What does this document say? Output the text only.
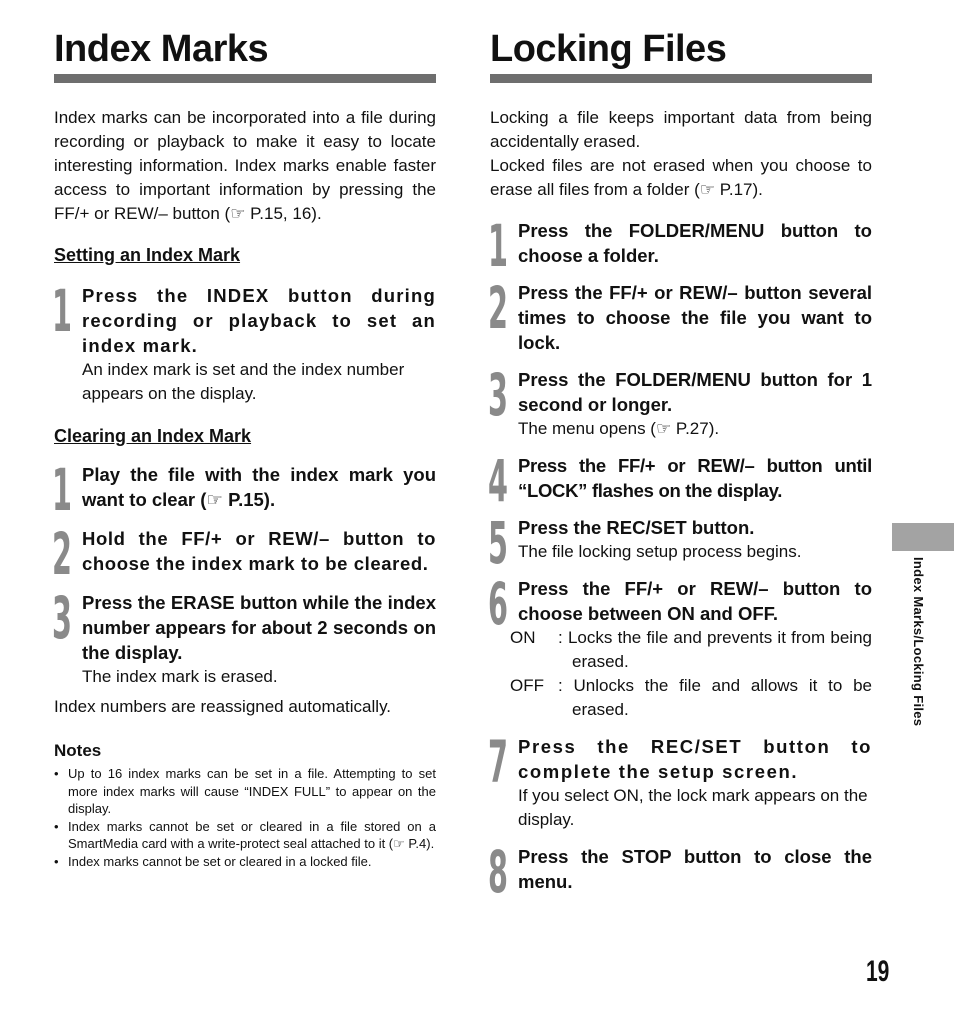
Index Marks

Index marks can be incorporated into a file during recording or playback to make it easy to locate interesting information. Index marks enable faster access to important information by pressing the FF/+ or REW/– button (☞ P.15, 16).

Setting an Index Mark
1 Press the INDEX button during recording or playback to set an index mark.

An index mark is set and the index number appears on the display.

Clearing an Index Mark
1 Play the file with the index mark you want to clear (☞ P.15).

2 Hold the FF/+ or REW/– button to choose the index mark to be cleared.

3 Press the ERASE button while the index number appears for about 2 seconds on the display.

The index mark is erased.

Index numbers are reassigned automatically.

Notes
• Up to 16 index marks can be set in a file. Attempting to set more index marks will cause “INDEX FULL” to appear on the display.
• Index marks cannot be set or cleared in a file stored on a SmartMedia card with a write-protect seal attached to it (☞ P.4).
• Index marks cannot be set or cleared in a locked file.
Locking Files

Locking a file keeps important data from being accidentally erased.

Locked files are not erased when you choose to erase all files from a folder (☞ P.17).

1 Press the FOLDER/MENU button to choose a folder.

2 Press the FF/+ or REW/– button several times to choose the file you want to lock.

3 Press the FOLDER/MENU button for 1 second or longer.

The menu opens (☞ P.27).

4 Press the FF/+ or REW/– button until “LOCK” flashes on the display.

5 Press the REC/SET button.

The file locking setup process begins.

6 Press the FF/+ or REW/– button to choose between ON and OFF.

ON	: Locks the file and prevents it from being erased.
OFF : Unlocks the file and allows it to be erased.
7 Press the REC/SET button to complete the setup screen.

If you select ON, the lock mark appears on the display.

8 Press the STOP button to close the menu.

Index Marks/Locking Files
19
